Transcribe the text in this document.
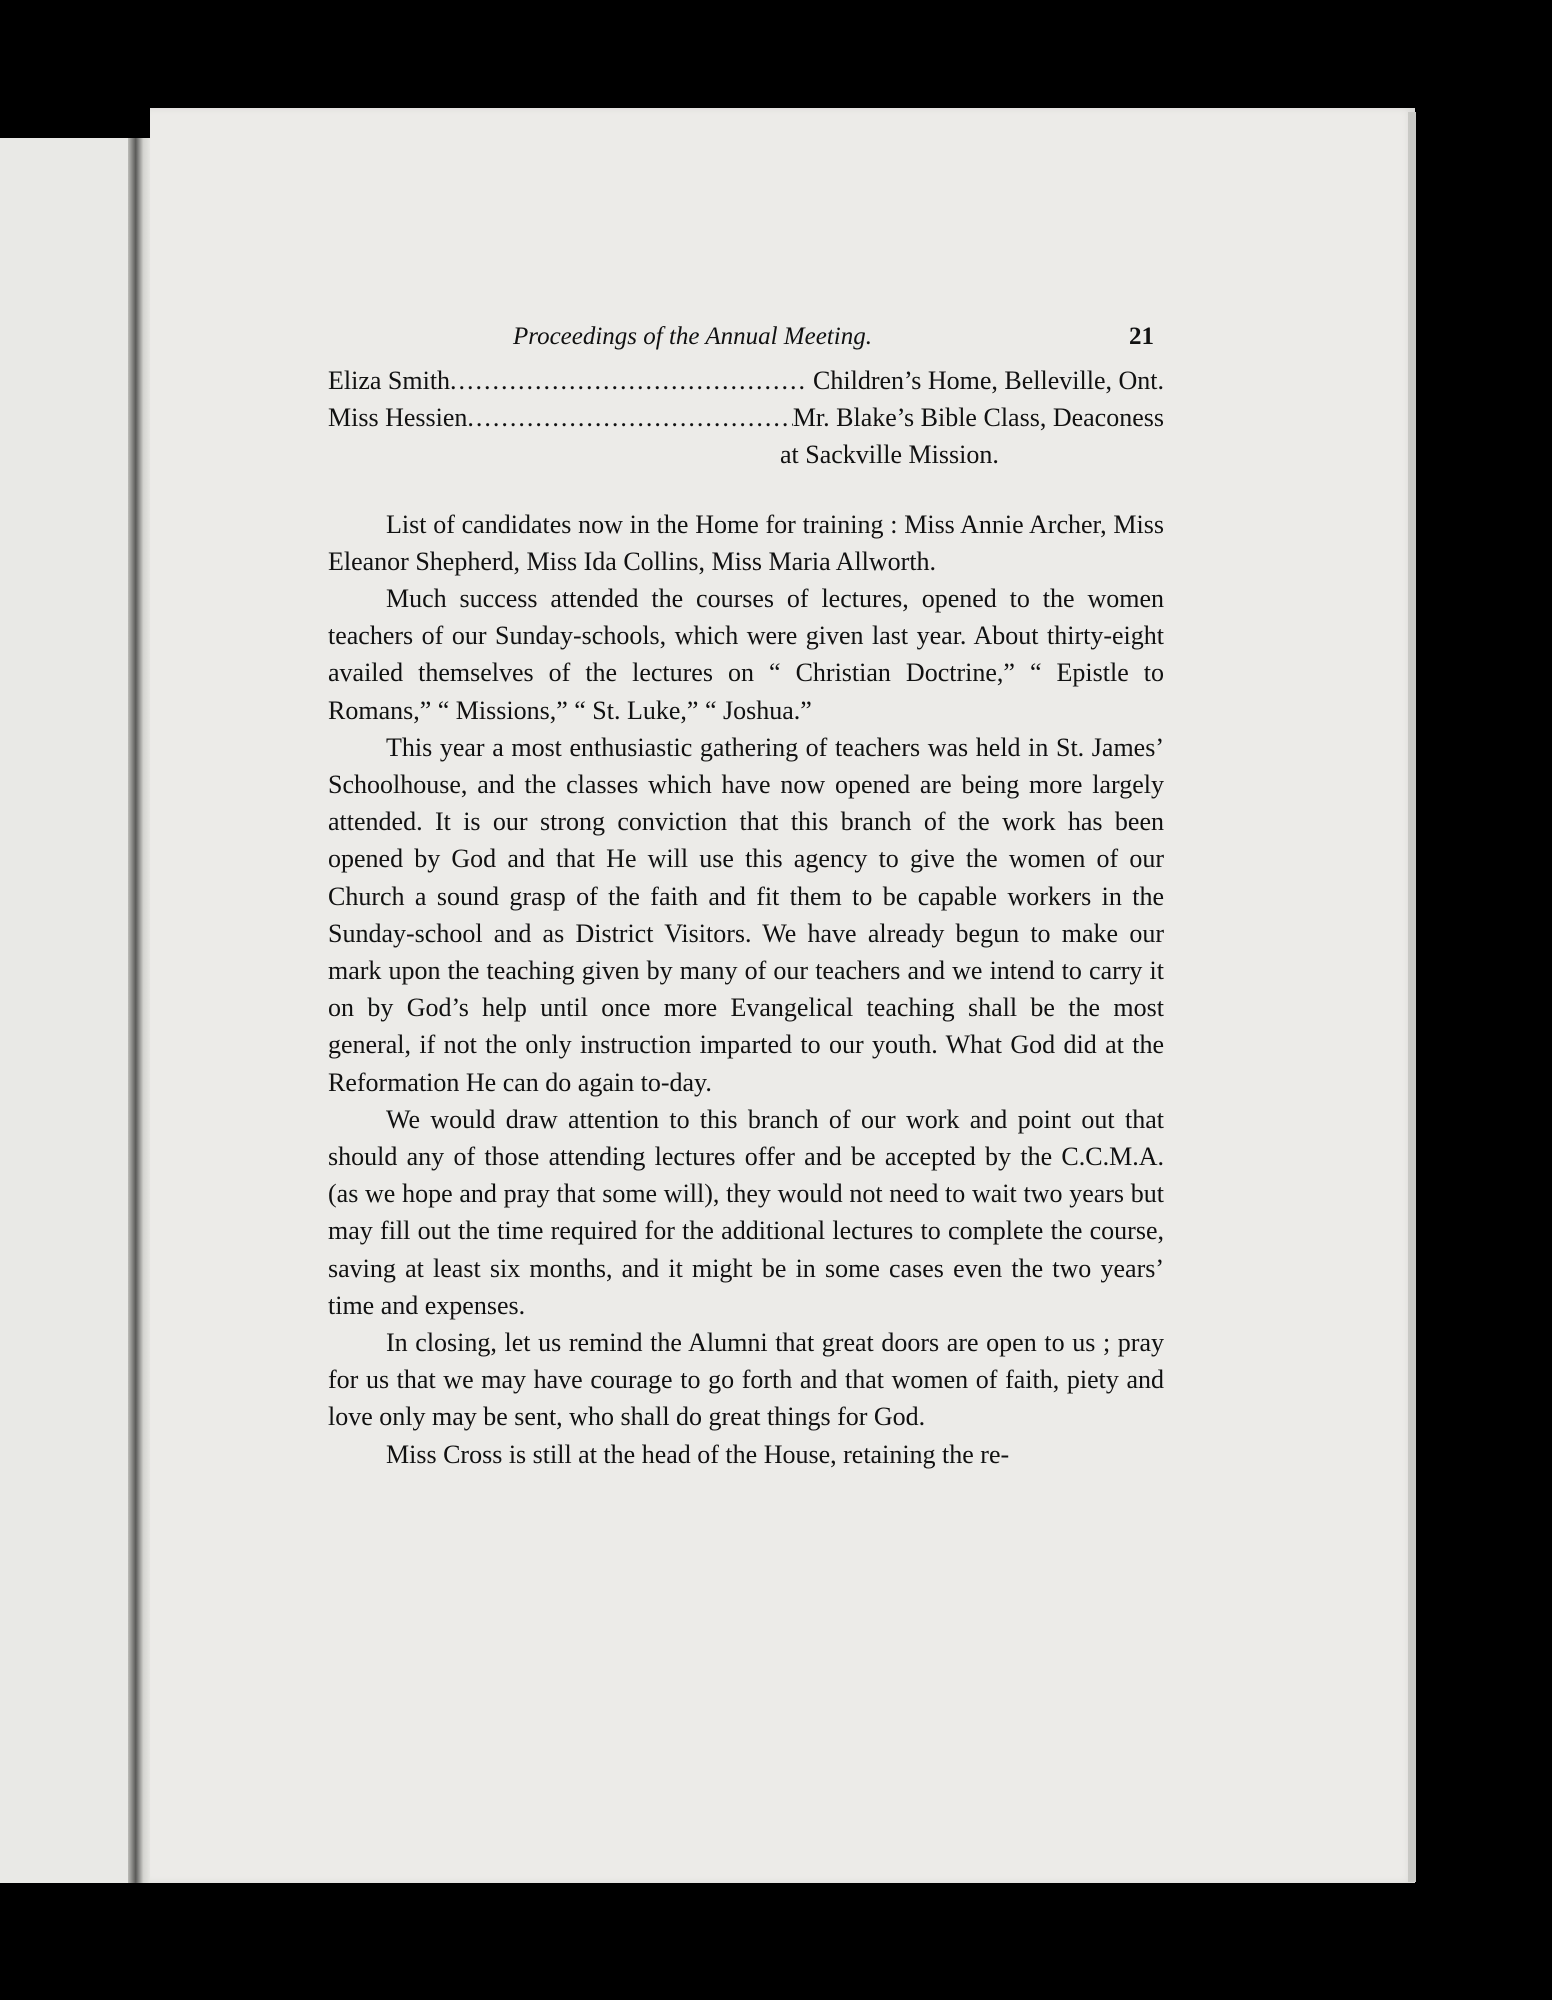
Proceedings of the Annual Meeting.	21
Eliza Smith .....	Children’s Home, Belleville, Ont.
Miss Hessien .....	Mr. Blake’s Bible Class, Deaconess
at Sackville Mission.

List of candidates now in the Home for training : Miss Annie Archer, Miss Eleanor Shepherd, Miss Ida Collins, Miss Maria Allworth.

Much success attended the courses of lectures, opened to the women teachers of our Sunday-schools, which were given last year. About thirty-eight availed themselves of the lectures on “ Christian Doctrine,” “ Epistle to Romans,” “ Missions,” “ St. Luke,” “ Joshua.”

This year a most enthusiastic gathering of teachers was held in St. James’ Schoolhouse, and the classes which have now opened are being more largely attended. It is our strong conviction that this branch of the work has been opened by God and that He will use this agency to give the women of our Church a sound grasp of the faith and fit them to be capable workers in the Sunday-school and as District Visitors. We have already begun to make our mark upon the teaching given by many of our teachers and we intend to carry it on by God’s help until once more Evangelical teaching shall be the most general, if not the only instruction imparted to our youth. What God did at the Reformation He can do again to-day.

We would draw attention to this branch of our work and point out that should any of those attending lectures offer and be accepted by the C.C.M.A. (as we hope and pray that some will), they would not need to wait two years but may fill out the time required for the additional lectures to complete the course, saving at least six months, and it might be in some cases even the two years’ time and expenses.

In closing, let us remind the Alumni that great doors are open to us ; pray for us that we may have courage to go forth and that women of faith, piety and love only may be sent, who shall do great things for God.

Miss Cross is still at the head of the House, retaining the re-
